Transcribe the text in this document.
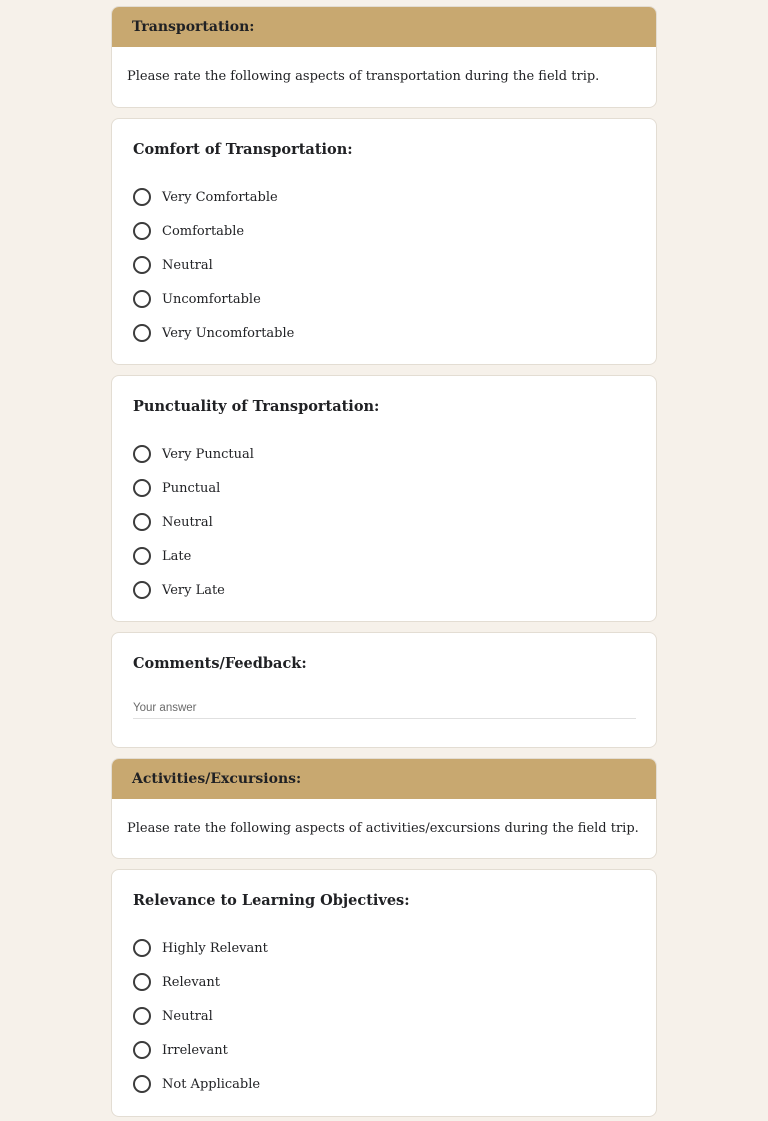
Transportation:
Please rate the following aspects of transportation during the field trip.
Comfort of Transportation:
Very Comfortable
Comfortable
Neutral
Uncomfortable
Very Uncomfortable
Punctuality of Transportation:
Very Punctual
Punctual
Neutral
Late
Very Late
Comments/Feedback:
Your answer
Activities/Excursions:
Please rate the following aspects of activities/excursions during the field trip.
Relevance to Learning Objectives:
Highly Relevant
Relevant
Neutral
Irrelevant
Not Applicable
